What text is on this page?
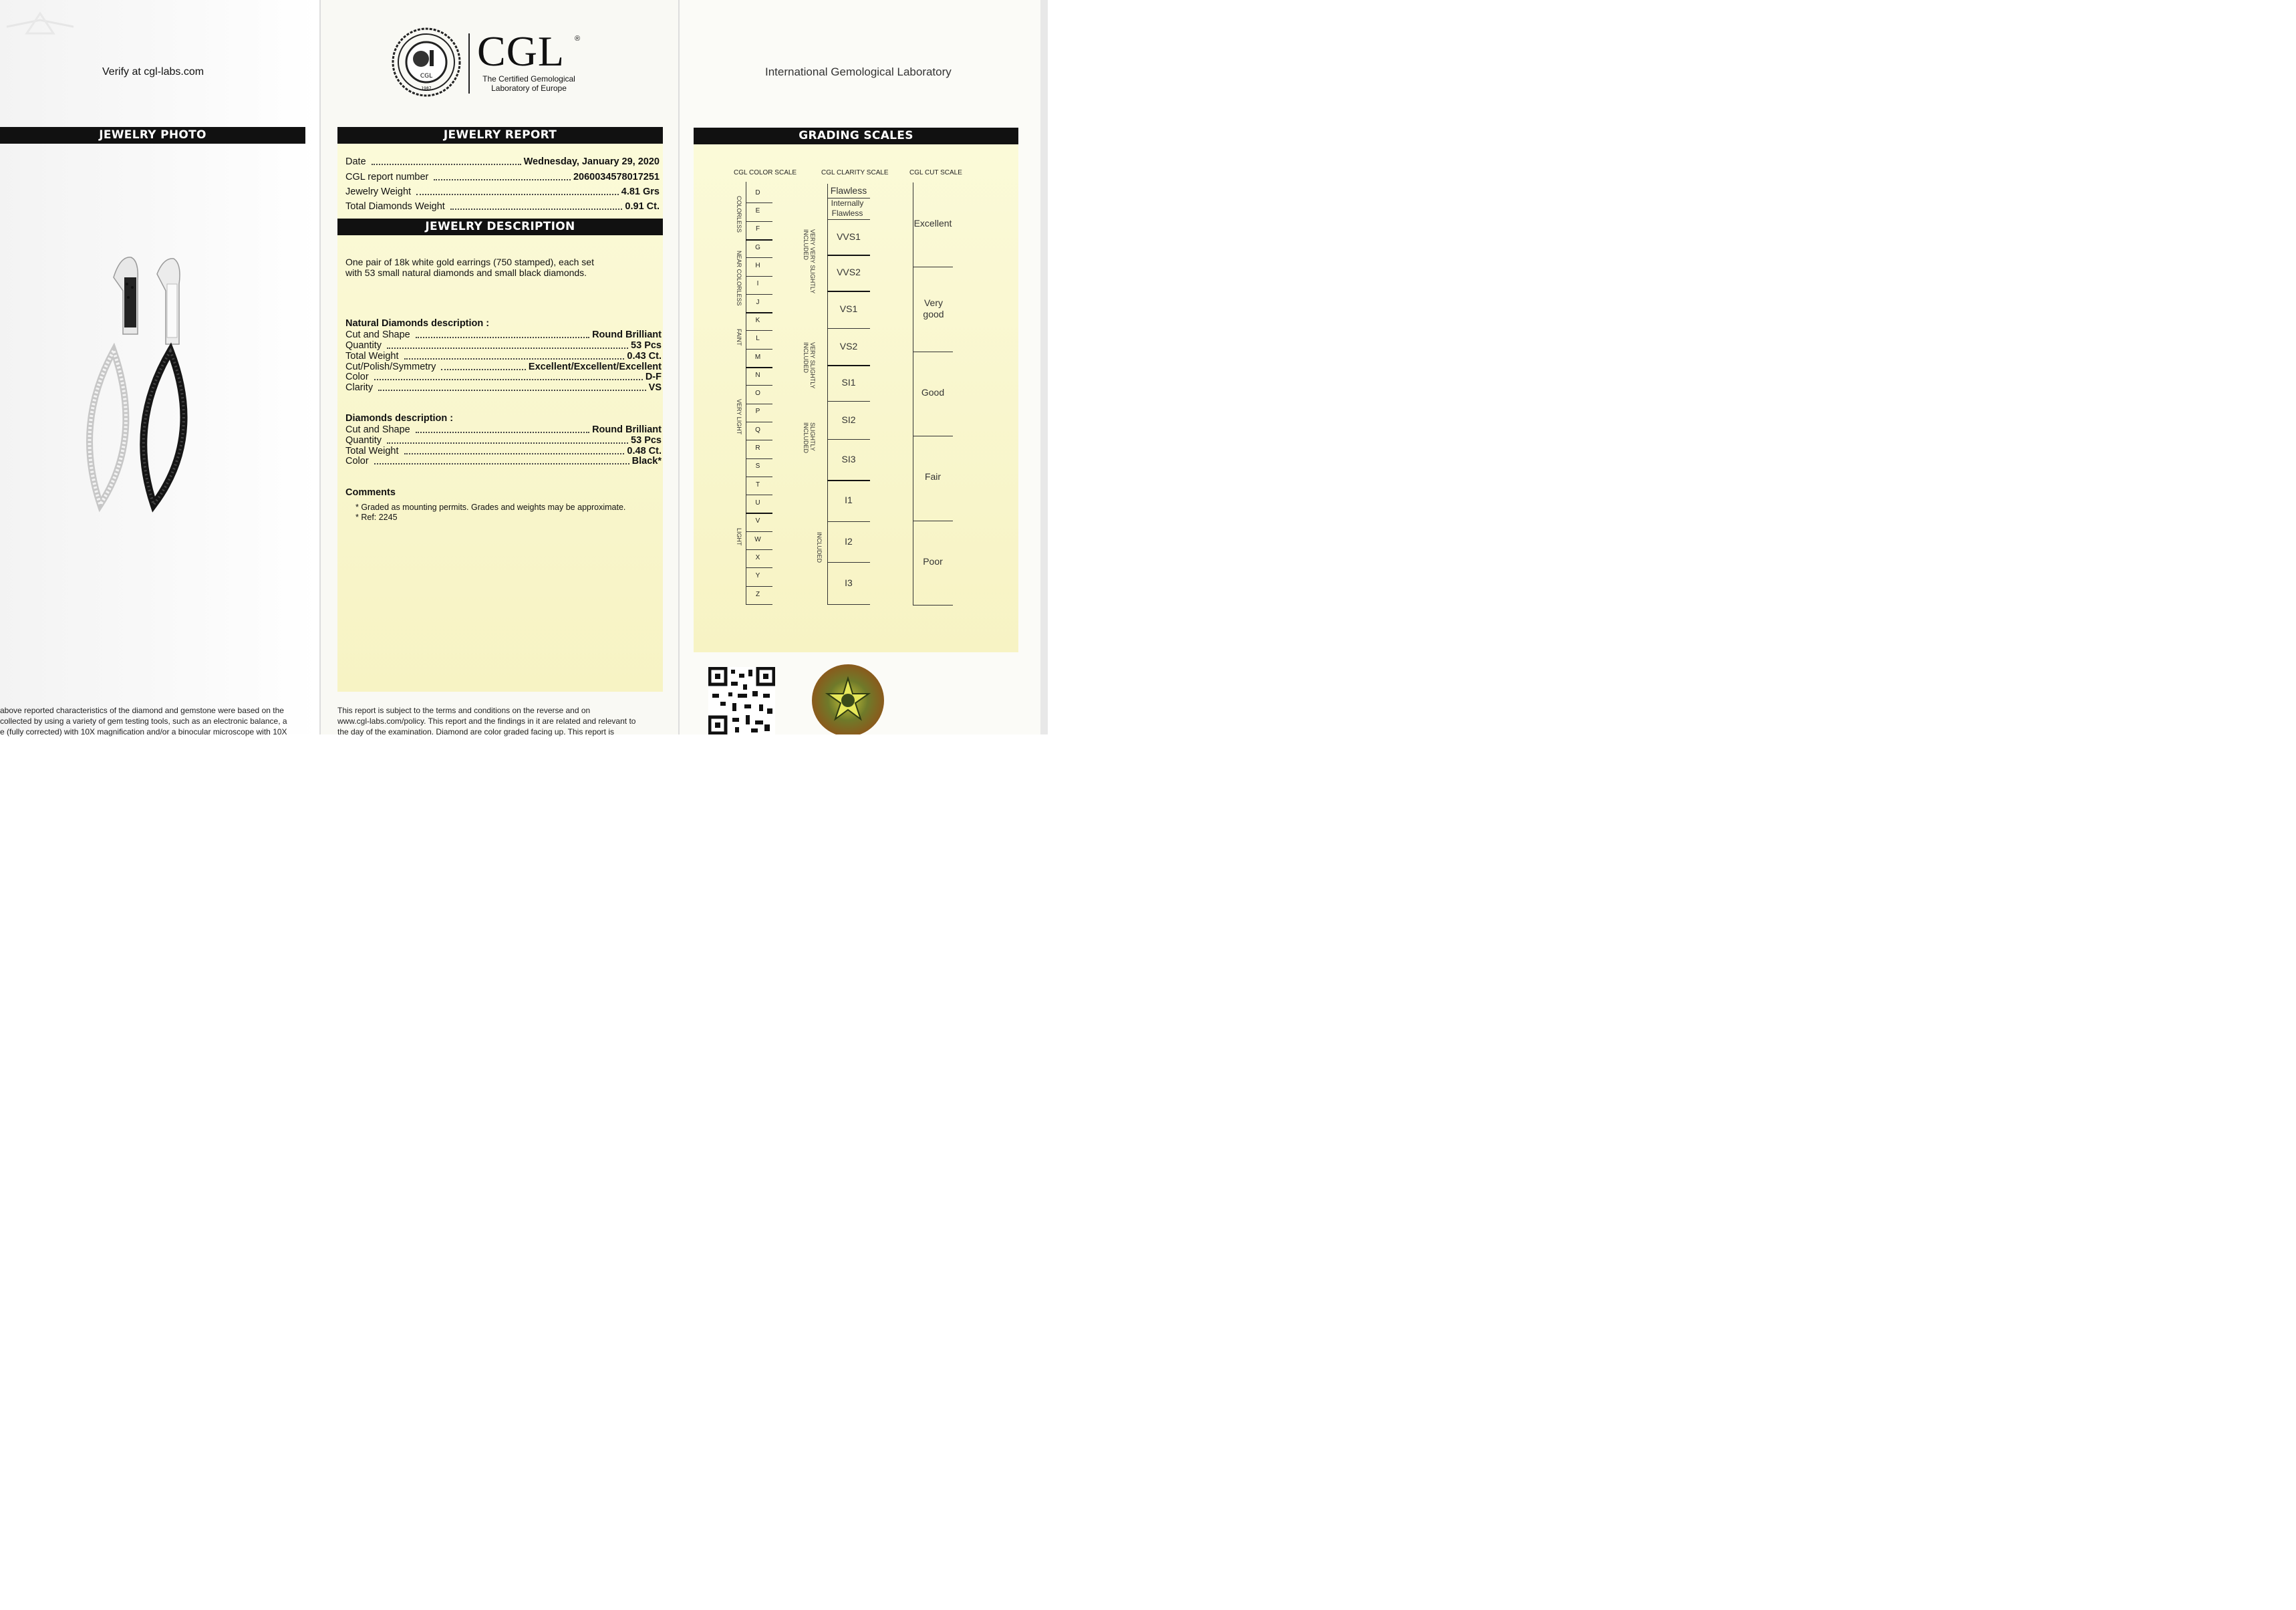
Verify at cgl-labs.com
JEWELRY PHOTO
above reported characteristics of the diamond and gemstone were based on the
collected by using a variety of gem testing tools, such as an electronic balance, a
e (fully corrected) with 10X magnification and/or a binocular microscope with 10X
CGL
1987
CGL ®
The Certified Gemological
Laboratory of Europe
JEWELRY REPORT
Date	Wednesday, January 29, 2020
CGL report number	2060034578017251
Jewelry Weight	4.81 Grs
Total Diamonds Weight	0.91 Ct.
JEWELRY DESCRIPTION
One pair of 18k white gold earrings (750 stamped), each set
with 53 small natural diamonds and small black diamonds.
Natural Diamonds description :
Cut and Shape	Round Brilliant
Quantity	53 Pcs
Total Weight	0.43 Ct.
Cut/Polish/Symmetry	Excellent/Excellent/Excellent
Color	D-F
Clarity	VS
Diamonds description :
Cut and Shape	Round Brilliant
Quantity	53 Pcs
Total Weight	0.48 Ct.
Color	Black*
Comments
* Graded as mounting permits. Grades and weights may be approximate.
* Ref: 2245
This report is subject to the terms and conditions on the reverse and on
www.cgl-labs.com/policy. This report and the findings in it are related and relevant to
the day of the examination. Diamond are color graded facing up. This report is
International Gemological Laboratory
GRADING SCALES
CGL COLOR SCALE
D
E
F
G
H
I
J
K
L
M
N
O
P
Q
R
S
T
U
V
W
X
Y
Z
COLORLESS
NEAR COLORLESS
FAINT
VERY LIGHT
LIGHT
CGL CLARITY SCALE
Flawless
Internally Flawless
VVS1
VVS2
VS1
VS2
SI1
SI2
SI3
I1
I2
I3
VERY VERY SLIGHTLY INCLUDED
VERY SLIGHTLY INCLUDED
SLIGHTLY INCLUDED
INCLUDED
CGL CUT SCALE
Excellent
Very good
Good
Fair
Poor
